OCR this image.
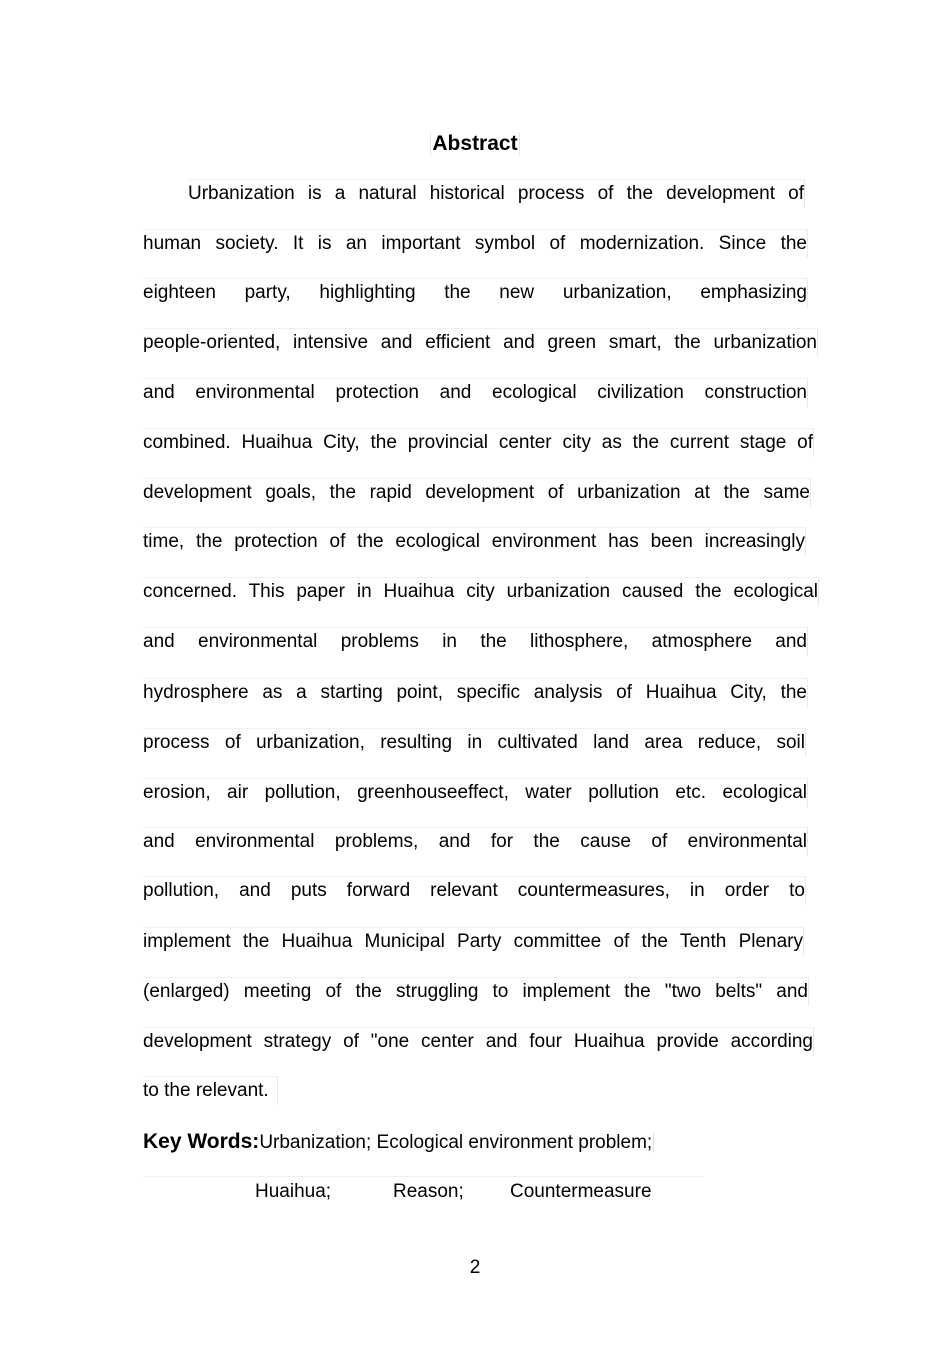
Abstract
Urbanization is a natural historical process of the development of
human society. It is an important symbol of modernization. Since the
eighteen party, highlighting the new urbanization, emphasizing
people-oriented, intensive and efficient and green smart, the urbanization
and environmental protection and ecological civilization construction
combined. Huaihua City, the provincial center city as the current stage of
development goals, the rapid development of urbanization at the same
time, the protection of the ecological environment has been increasingly
concerned. This paper in Huaihua city urbanization caused the ecological
and environmental problems in the lithosphere, atmosphere and
hydrosphere as a starting point, specific analysis of Huaihua City, the
process of urbanization, resulting in cultivated land area reduce, soil
erosion, air pollution, greenhouseeffect, water pollution etc. ecological
and environmental problems, and for the cause of environmental
pollution, and puts forward relevant countermeasures, in order to
implement the Huaihua Municipal Party committee of the Tenth Plenary
(enlarged) meeting of the struggling to implement the "two belts" and
development strategy of "one center and four Huaihua provide according
to the relevant.
Key Words:Urbanization; Ecological environment problem;
Huaihua;	Reason; Countermeasure
2
